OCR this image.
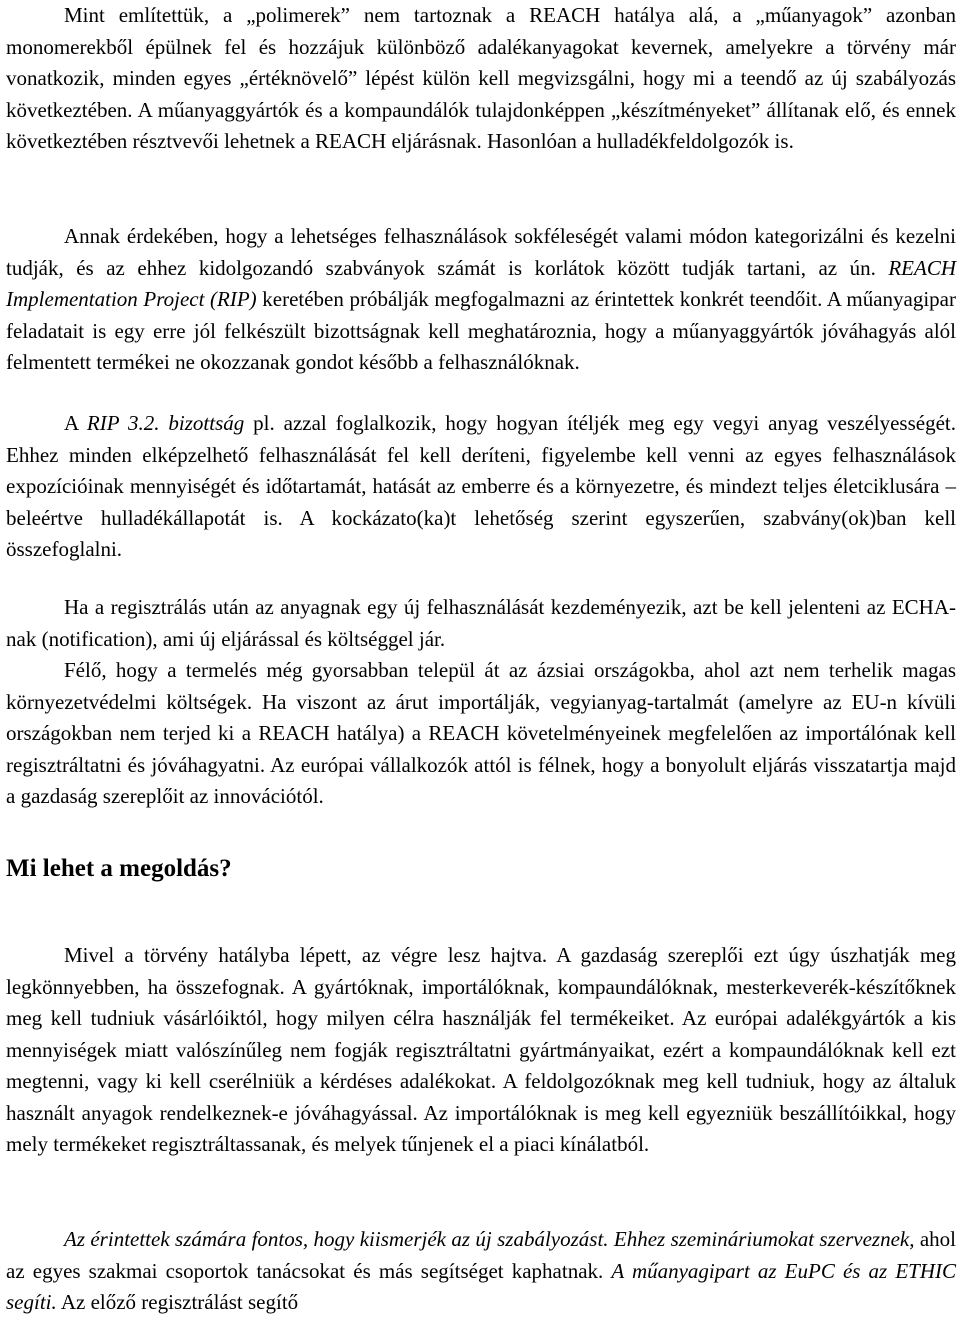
Mint említettük, a „polimerek” nem tartoznak a REACH hatálya alá, a „műanyagok” azonban monomerekből épülnek fel és hozzájuk különböző adalékanyagokat kevernek, amelyekre a törvény már vonatkozik, minden egyes „értéknövelő” lépést külön kell megvizsgálni, hogy mi a teendő az új szabályozás következtében. A műanyaggyártók és a kompaundálók tulajdonképpen „készítményeket” állítanak elő, és ennek következtében résztvevői lehetnek a REACH eljárásnak. Hasonlóan a hulladékfeldolgozók is.

Annak érdekében, hogy a lehetséges felhasználások sokféleségét valami módon kategorizálni és kezelni tudják, és az ehhez kidolgozandó szabványok számát is korlátok között tudják tartani, az ún. REACH Implementation Project (RIP) keretében próbálják megfogalmazni az érintettek konkrét teendőit. A műanyagipar feladatait is egy erre jól felkészült bizottságnak kell meghatároznia, hogy a műanyaggyártók jóváhagyás alól felmentett termékei ne okozzanak gondot később a felhasználóknak.

A RIP 3.2. bizottság pl. azzal foglalkozik, hogy hogyan ítéljék meg egy vegyi anyag veszélyességét. Ehhez minden elképzelhető felhasználását fel kell deríteni, figyelembe kell venni az egyes felhasználások expozícióinak mennyiségét és időtartamát, hatását az emberre és a környezetre, és mindezt teljes életciklusára – beleértve hulladékállapotát is. A kockázato(ka)t lehetőség szerint egyszerűen, szabvány(ok)ban kell összefoglalni.

Ha a regisztrálás után az anyagnak egy új felhasználását kezdeményezik, azt be kell jelenteni az ECHA-nak (notification), ami új eljárással és költséggel jár.

Félő, hogy a termelés még gyorsabban települ át az ázsiai országokba, ahol azt nem terhelik magas környezetvédelmi költségek. Ha viszont az árut importálják, vegyianyag-tartalmát (amelyre az EU-n kívüli országokban nem terjed ki a REACH hatálya) a REACH követelményeinek megfelelően az importálónak kell regisztráltatni és jóváhagyatni. Az európai vállalkozók attól is félnek, hogy a bonyolult eljárás visszatartja majd a gazdaság szereplőit az innovációtól.

Mi lehet a megoldás?

Mivel a törvény hatályba lépett, az végre lesz hajtva. A gazdaság szereplői ezt úgy úszhatják meg legkönnyebben, ha összefognak. A gyártóknak, importálóknak, kompaundálóknak, mesterkeverék-készítőknek meg kell tudniuk vásárlóiktól, hogy milyen célra használják fel termékeiket. Az európai adalékgyártók a kis mennyiségek miatt valószínűleg nem fogják regisztráltatni gyártmányaikat, ezért a kompaundálóknak kell ezt megtenni, vagy ki kell cserélniük a kérdéses adalékokat. A feldolgozóknak meg kell tudniuk, hogy az általuk használt anyagok rendelkeznek-e jóváhagyással. Az importálóknak is meg kell egyezniük beszállítóikkal, hogy mely termékeket regisztráltassanak, és melyek tűnjenek el a piaci kínálatból.

Az érintettek számára fontos, hogy kiismerjék az új szabályozást. Ehhez szemináriumokat szerveznek, ahol az egyes szakmai csoportok tanácsokat és más segítséget kaphatnak. A műanyagipart az EuPC és az ETHIC segíti. Az előző regisztrálást segítő
